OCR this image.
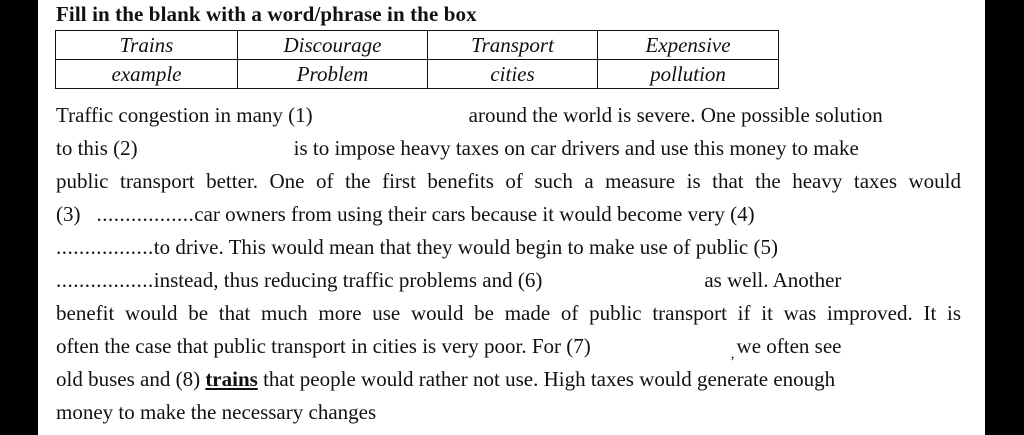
Fill in the blank with a word/phrase in the box
Trains	Discourage	Transport	Expensive
example	Problem	cities	pollution
Traffic congestion in many (1)	around the world is severe. One possible solution
to this (2)	is to impose heavy taxes on car drivers and use this money to make
public transport better. One of the first benefits of such a measure is that the heavy taxes would
(3) .................car owners from using their cars because it would become very (4)
.................to drive. This would mean that they would begin to make use of public (5)
.................instead, thus reducing traffic problems and (6)	as well. Another
benefit would be that much more use would be made of public transport if it was improved. It is
often the case that public transport in cities is very poor. For (7)	$_,$we often see
old buses and (8) trains that people would rather not use. High taxes would generate enough
money to make the necessary changes
